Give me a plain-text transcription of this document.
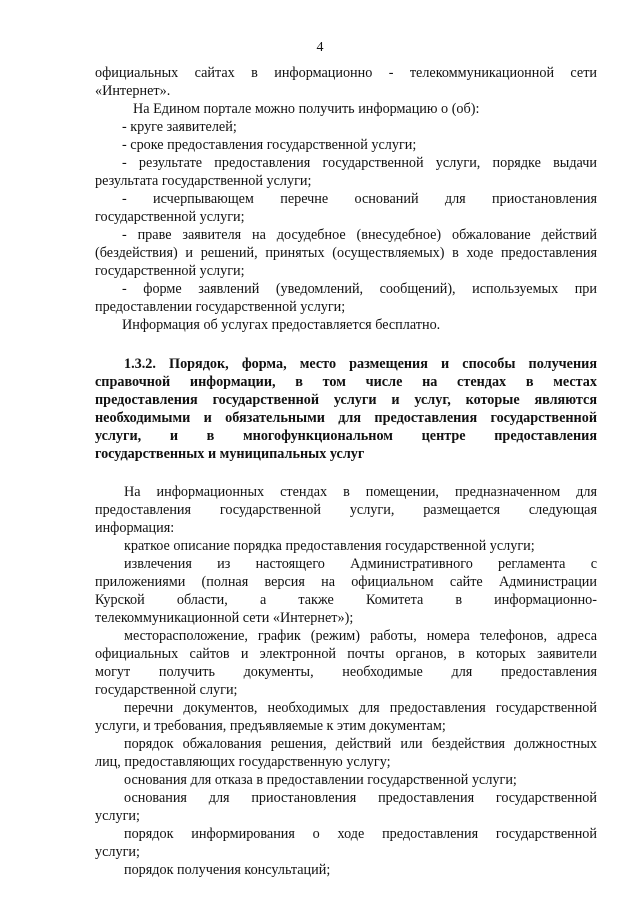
4
официальных сайтах в информационно - телекоммуникационной сети
«Интернет».
На Едином портале можно получить информацию о (об):
- круге заявителей;
- сроке предоставления государственной услуги;
- результате предоставления государственной услуги, порядке выдачи
результата государственной услуги;
- исчерпывающем перечне оснований для приостановления
государственной услуги;
- праве заявителя на досудебное (внесудебное) обжалование действий
(бездействия) и решений, принятых (осуществляемых) в ходе предоставления
государственной услуги;
- форме заявлений (уведомлений, сообщений), используемых при
предоставлении государственной услуги;
Информация об услугах предоставляется бесплатно.
1.3.2. Порядок, форма, место размещения и способы получения
справочной информации, в том числе на стендах в местах
предоставления государственной услуги и услуг, которые являются
необходимыми и обязательными для предоставления государственной
услуги, и в многофункциональном центре предоставления
государственных и муниципальных услуг
На информационных стендах в помещении, предназначенном для
предоставления государственной услуги, размещается следующая
информация:
краткое описание порядка предоставления государственной услуги;
извлечения из настоящего Административного регламента с
приложениями (полная версия на официальном сайте Администрации
Курской области, а также Комитета в информационно-
телекоммуникационной сети «Интернет»);
месторасположение, график (режим) работы, номера телефонов, адреса
официальных сайтов и электронной почты органов, в которых заявители
могут получить документы, необходимые для предоставления
государственной слуги;
перечни документов, необходимых для предоставления государственной
услуги, и требования, предъявляемые к этим документам;
порядок обжалования решения, действий или бездействия должностных
лиц, предоставляющих государственную услугу;
основания для отказа в предоставлении государственной услуги;
основания для приостановления предоставления государственной
услуги;
порядок информирования о ходе предоставления государственной
услуги;
порядок получения консультаций;
